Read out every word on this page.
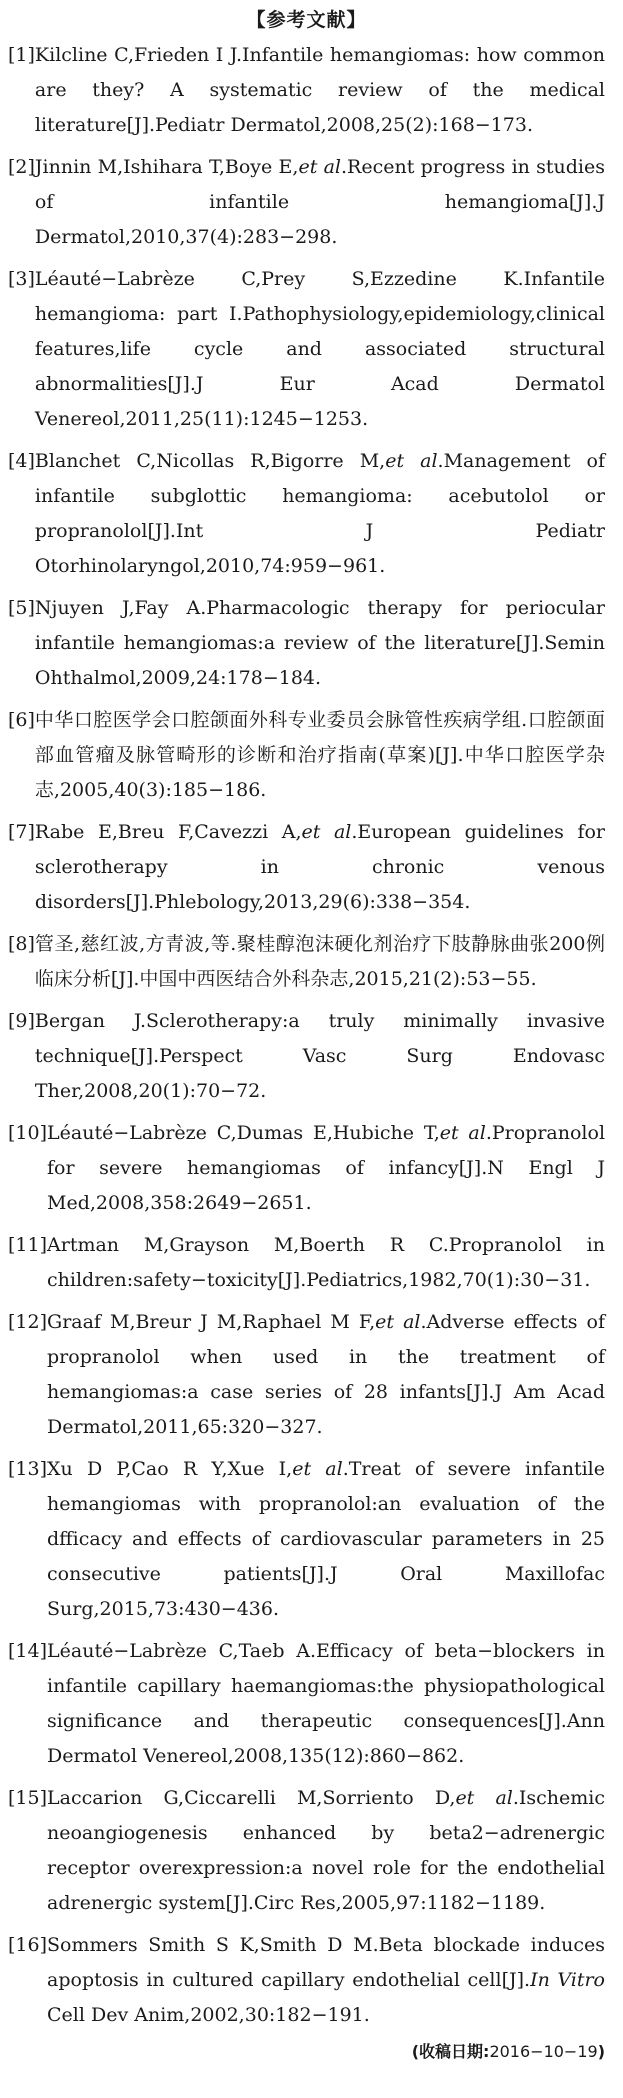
【参考文献】
[1] Kilcline C,Frieden I J.Infantile hemangiomas: how common are they? A systematic review of the medical literature[J].Pediatr Dermatol,2008,25(2):168−173.
[2] Jinnin M,Ishihara T,Boye E,et al.Recent progress in studies of infantile hemangioma[J].J Dermatol,2010,37(4):283−298.
[3] Léauté−Labrèze C,Prey S,Ezzedine K.Infantile hemangioma: part I.Pathophysiology,epidemiology,clinical features,life cycle and associated structural abnormalities[J].J Eur Acad Dermatol Venereol,2011,25(11):1245−1253.
[4] Blanchet C,Nicollas R,Bigorre M,et al.Management of infantile subglottic hemangioma: acebutolol or propranolol[J].Int J Pediatr Otorhinolaryngol,2010,74:959−961.
[5] Njuyen J,Fay A.Pharmacologic therapy for periocular infantile hemangiomas:a review of the literature[J].Semin Ohthalmol,2009,24:178−184.
[6] 中华口腔医学会口腔颌面外科专业委员会脉管性疾病学组.口腔颌面部血管瘤及脉管畸形的诊断和治疗指南(草案)[J].中华口腔医学杂志,2005,40(3):185−186.
[7] Rabe E,Breu F,Cavezzi A,et al.European guidelines for sclerotherapy in chronic venous disorders[J].Phlebology,2013,29(6):338−354.
[8] 管圣,慈红波,方青波,等.聚桂醇泡沫硬化剂治疗下肢静脉曲张200例临床分析[J].中国中西医结合外科杂志,2015,21(2):53−55.
[9] Bergan J.Sclerotherapy:a truly minimally invasive technique[J].Perspect Vasc Surg Endovasc Ther,2008,20(1):70−72.
[10] Léauté−Labrèze C,Dumas E,Hubiche T,et al.Propranolol for severe hemangiomas of infancy[J].N Engl J Med,2008,358:2649−2651.
[11] Artman M,Grayson M,Boerth R C.Propranolol in children:safety−toxicity[J].Pediatrics,1982,70(1):30−31.
[12] Graaf M,Breur J M,Raphael M F,et al.Adverse effects of propranolol when used in the treatment of hemangiomas:a case series of 28 infants[J].J Am Acad Dermatol,2011,65:320−327.
[13] Xu D P,Cao R Y,Xue I,et al.Treat of severe infantile hemangiomas with propranolol:an evaluation of the dfficacy and effects of cardiovascular parameters in 25 consecutive patients[J].J Oral Maxillofac Surg,2015,73:430−436.
[14] Léauté−Labrèze C,Taeb A.Efficacy of beta−blockers in infantile capillary haemangiomas:the physiopathological significance and therapeutic consequences[J].Ann Dermatol Venereol,2008,135(12):860−862.
[15] Laccarion G,Ciccarelli M,Sorriento D,et al.Ischemic neoangiogenesis enhanced by beta2−adrenergic receptor overexpression:a novel role for the endothelial adrenergic system[J].Circ Res,2005,97:1182−1189.
[16] Sommers Smith S K,Smith D M.Beta blockade induces apoptosis in cultured capillary endothelial cell[J].In Vitro Cell Dev Anim,2002,30:182−191.
(收稿日期:2016−10−19)
